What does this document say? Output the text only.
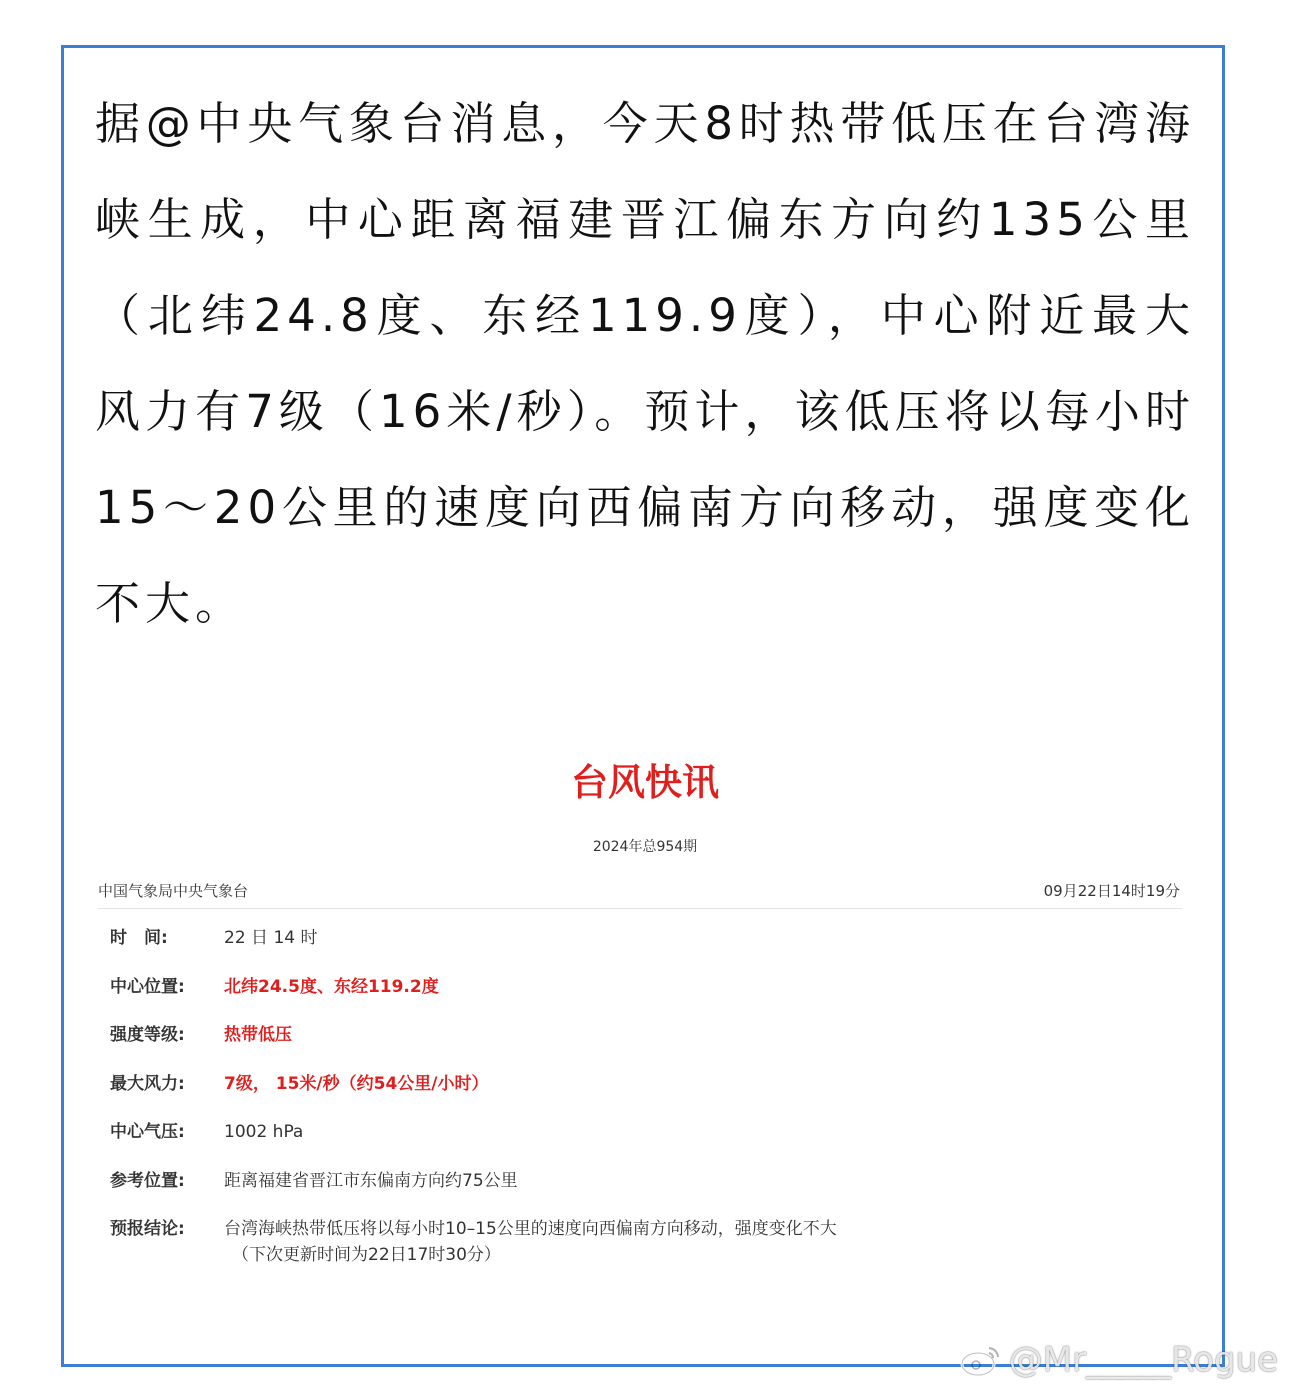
据@中央气象台消息，今天8时热带低压在台湾海峡生成，中心距离福建晋江偏东方向约135公里（北纬24.8度、东经119.9度），中心附近最大风力有7级（16米/秒）。预计，该低压将以每小时15～20公里的速度向西偏南方向移动，强度变化不大。

台风快讯
2024年总954期
中国气象局中央气象台	09月22日14时19分
时　间:	22 日 14 时
中心位置:	北纬24.5度、东经119.2度
强度等级:	热带低压
最大风力:	7级， 15米/秒（约54公里/小时）
中心气压:	1002 hPa
参考位置:	距离福建省晋江市东偏南方向约75公里
预报结论:	台湾海峡热带低压将以每小时10–15公里的速度向西偏南方向移动，强度变化不大
（下次更新时间为22日17时30分）
@Mr_____Rogue
